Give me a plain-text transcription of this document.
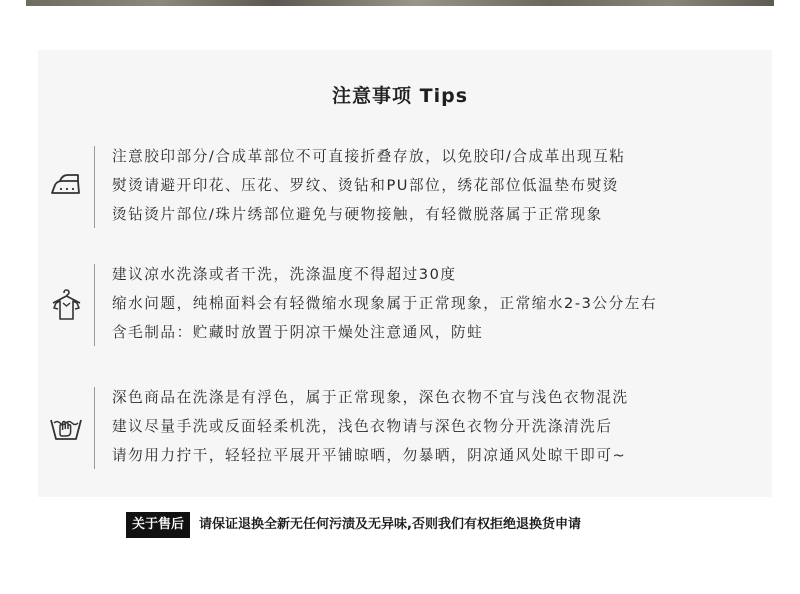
注意事项 Tips
注意胶印部分/合成革部位不可直接折叠存放，以免胶印/合成革出现互粘
熨烫请避开印花、压花、罗纹、烫钻和PU部位，绣花部位低温垫布熨烫
烫钻烫片部位/珠片绣部位避免与硬物接触，有轻微脱落属于正常现象
建议凉水洗涤或者干洗，洗涤温度不得超过30度
缩水问题，纯棉面料会有轻微缩水现象属于正常现象，正常缩水2-3公分左右
含毛制品：贮藏时放置于阴凉干燥处注意通风，防蛀
深色商品在洗涤是有浮色，属于正常现象，深色衣物不宜与浅色衣物混洗
建议尽量手洗或反面轻柔机洗，浅色衣物请与深色衣物分开洗涤清洗后
请勿用力拧干，轻轻拉平展开平铺晾晒，勿暴晒，阴凉通风处晾干即可~
关于售后	请保证退换全新无任何污渍及无异味,否则我们有权拒绝退换货申请
